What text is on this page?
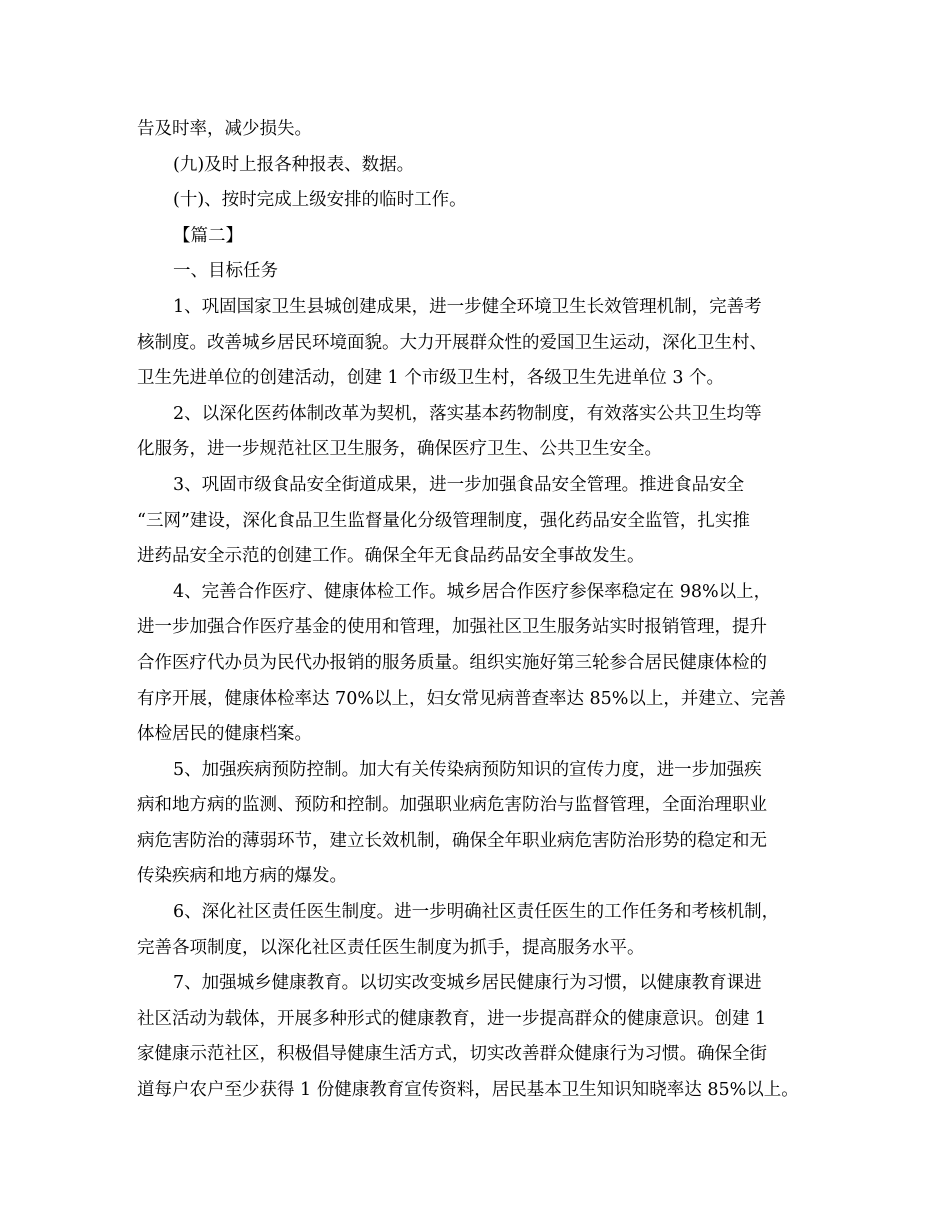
告及时率，减少损失。
(九)及时上报各种报表、数据。
(十)、按时完成上级安排的临时工作。
【篇二】
一、目标任务
1、巩固国家卫生县城创建成果，进一步健全环境卫生长效管理机制，完善考
核制度。改善城乡居民环境面貌。大力开展群众性的爱国卫生运动，深化卫生村、
卫生先进单位的创建活动，创建 1 个市级卫生村，各级卫生先进单位 3 个。
2、以深化医药体制改革为契机，落实基本药物制度，有效落实公共卫生均等
化服务，进一步规范社区卫生服务，确保医疗卫生、公共卫生安全。
3、巩固市级食品安全街道成果，进一步加强食品安全管理。推进食品安全
“三网”建设，深化食品卫生监督量化分级管理制度，强化药品安全监管，扎实推
进药品安全示范的创建工作。确保全年无食品药品安全事故发生。
4、完善合作医疗、健康体检工作。城乡居合作医疗参保率稳定在 98%以上，
进一步加强合作医疗基金的使用和管理，加强社区卫生服务站实时报销管理，提升
合作医疗代办员为民代办报销的服务质量。组织实施好第三轮参合居民健康体检的
有序开展，健康体检率达 70%以上，妇女常见病普查率达 85%以上，并建立、完善
体检居民的健康档案。
5、加强疾病预防控制。加大有关传染病预防知识的宣传力度，进一步加强疾
病和地方病的监测、预防和控制。加强职业病危害防治与监督管理，全面治理职业
病危害防治的薄弱环节，建立长效机制，确保全年职业病危害防治形势的稳定和无
传染疾病和地方病的爆发。
6、深化社区责任医生制度。进一步明确社区责任医生的工作任务和考核机制，
完善各项制度，以深化社区责任医生制度为抓手，提高服务水平。
7、加强城乡健康教育。以切实改变城乡居民健康行为习惯，以健康教育课进
社区活动为载体，开展多种形式的健康教育，进一步提高群众的健康意识。创建 1
家健康示范社区，积极倡导健康生活方式，切实改善群众健康行为习惯。确保全街
道每户农户至少获得 1 份健康教育宣传资料，居民基本卫生知识知晓率达 85%以上。
